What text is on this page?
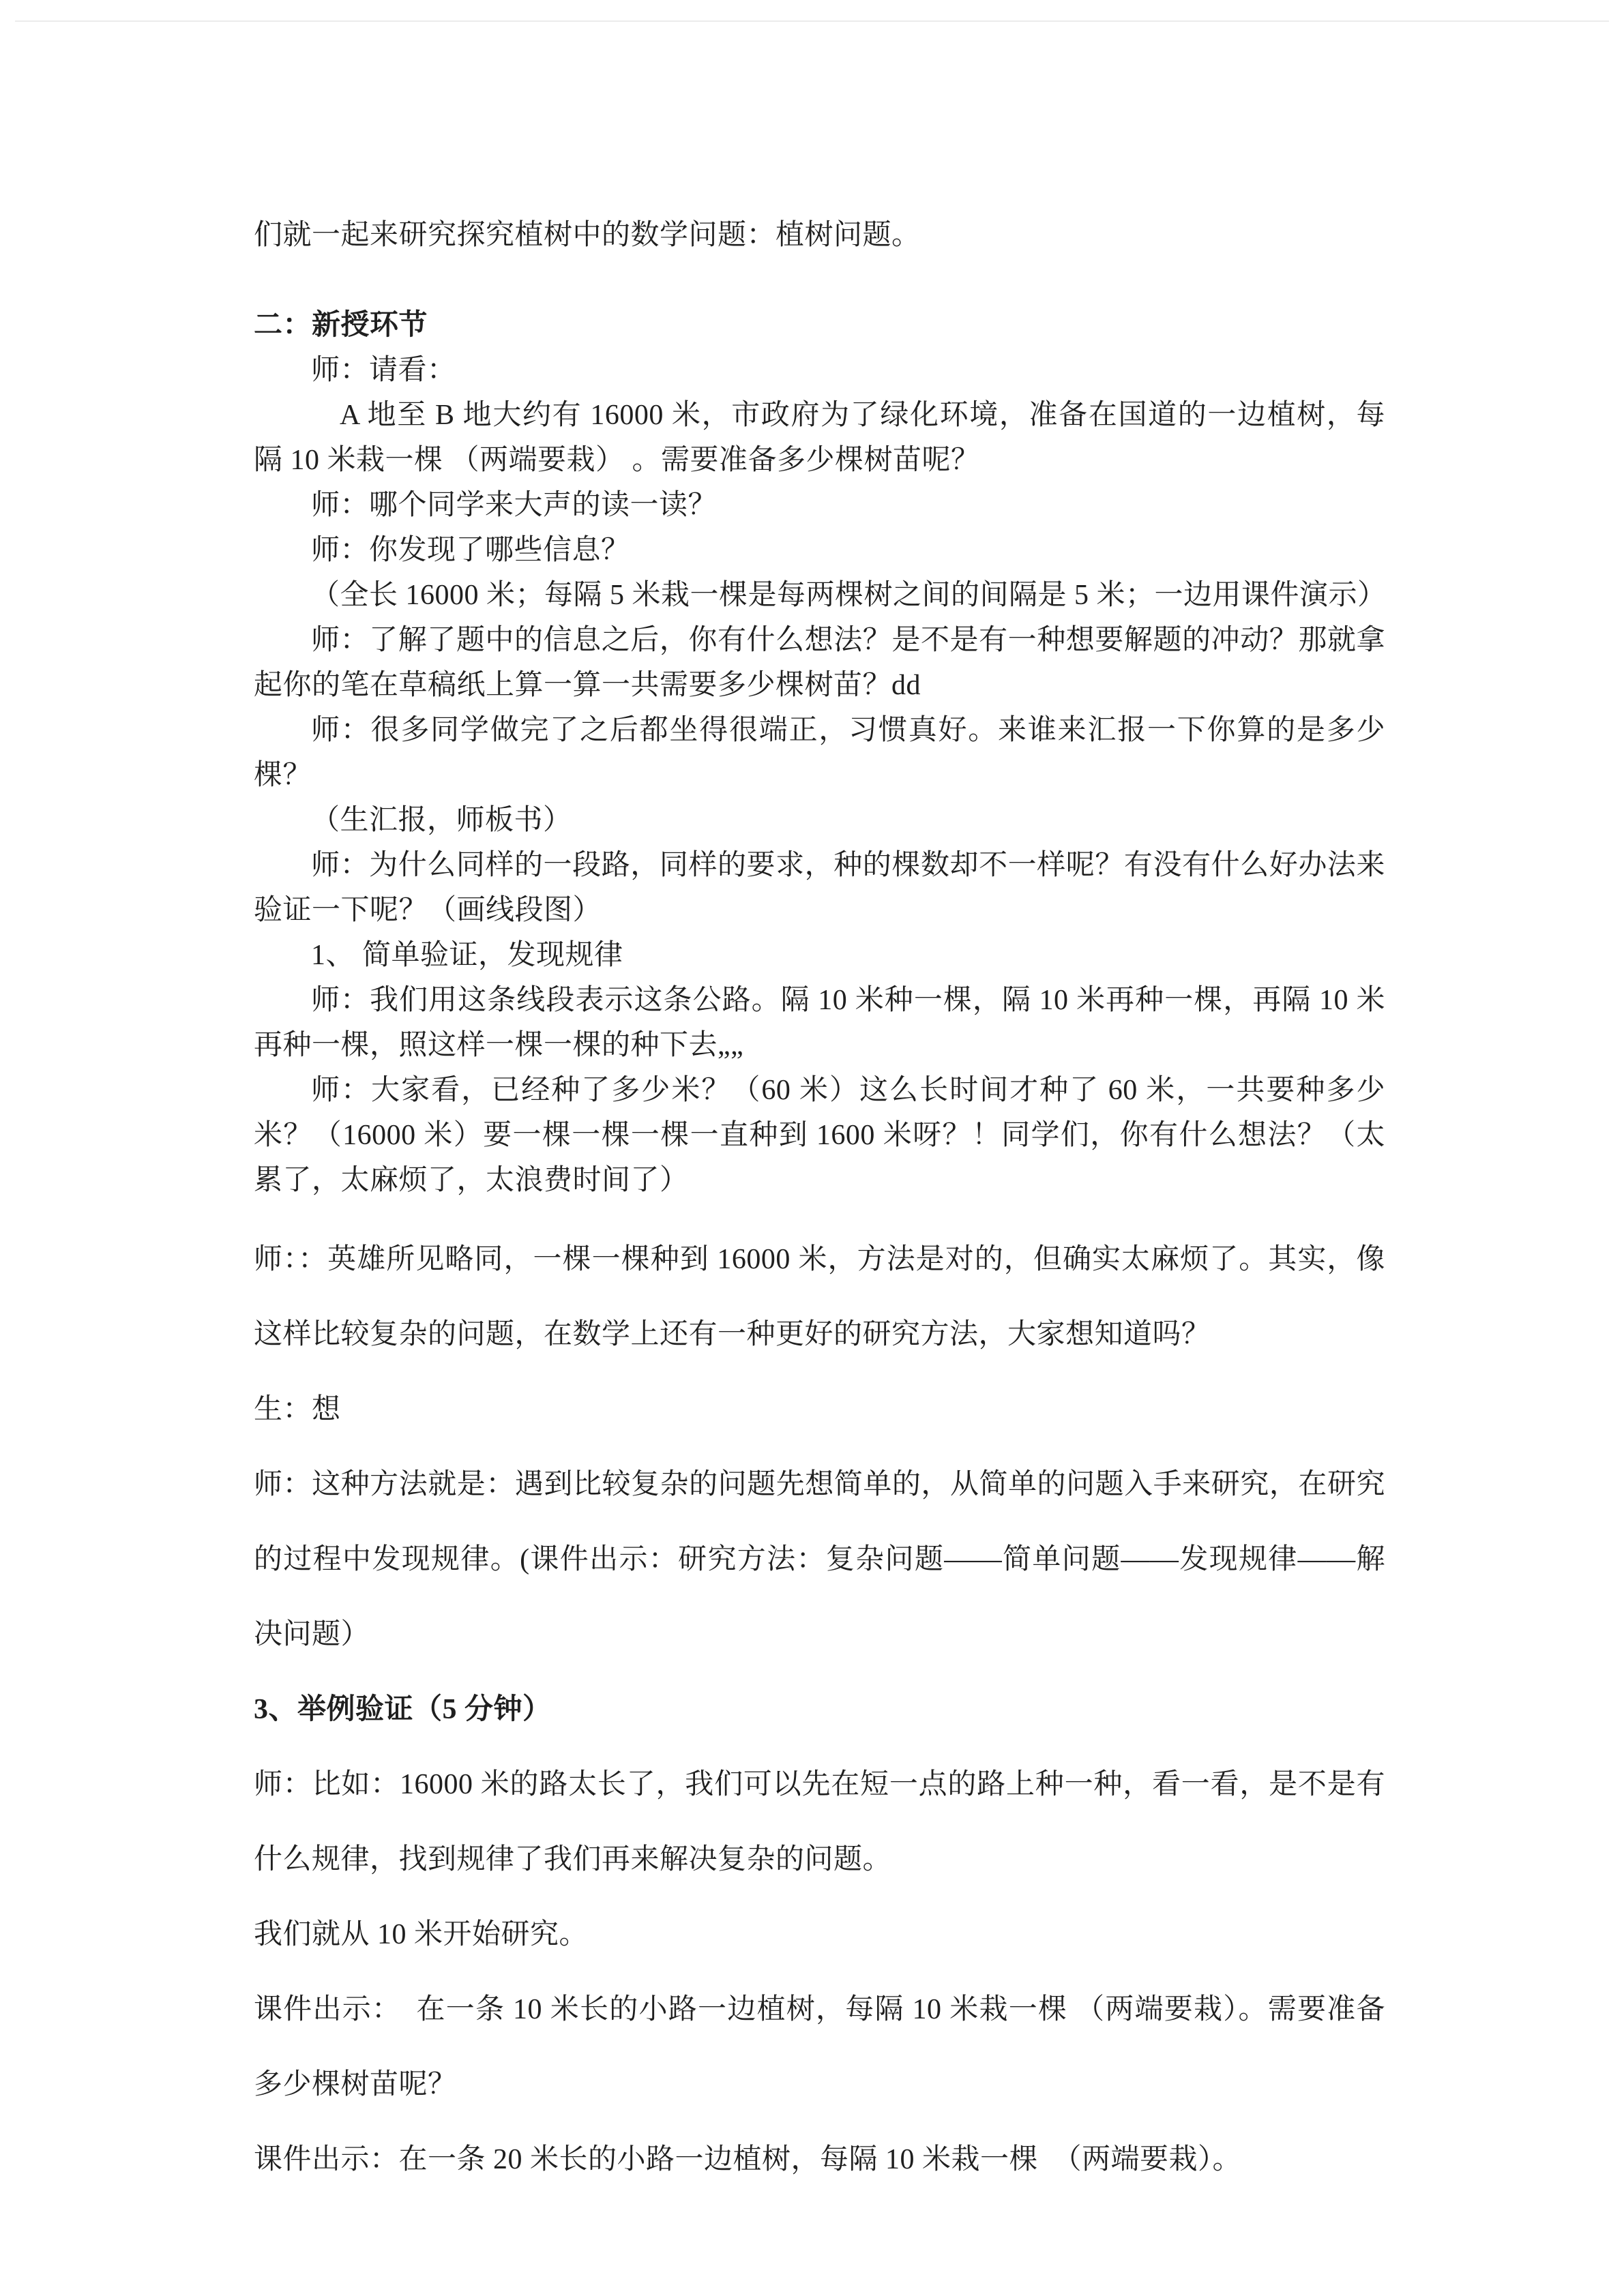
们就一起来研究探究植树中的数学问题：植树问题。

二：新授环节

师：请看：

A 地至 B 地大约有 16000 米，市政府为了绿化环境，准备在国道的一边植树，每隔 10 米栽一棵 （两端要栽） 。需要准备多少棵树苗呢？

师：哪个同学来大声的读一读？

师：你发现了哪些信息？

（全长 16000 米；每隔 5 米栽一棵是每两棵树之间的间隔是 5 米；一边用课件演示）

师：了解了题中的信息之后，你有什么想法？是不是有一种想要解题的冲动？那就拿起你的笔在草稿纸上算一算一共需要多少棵树苗？dd

师：很多同学做完了之后都坐得很端正，习惯真好。来谁来汇报一下你算的是多少棵？

（生汇报，师板书）

师：为什么同样的一段路，同样的要求，种的棵数却不一样呢？有没有什么好办法来验证一下呢？（画线段图）

1、 简单验证，发现规律

师：我们用这条线段表示这条公路。隔 10 米种一棵，隔 10 米再种一棵，再隔 10 米再种一棵，照这样一棵一棵的种下去„„

师：大家看，已经种了多少米？（60 米）这么长时间才种了 60 米，一共要种多少米？（16000 米）要一棵一棵一棵一直种到 1600 米呀？！同学们，你有什么想法？（太累了，太麻烦了，太浪费时间了）

师：：英雄所见略同，一棵一棵种到 16000 米，方法是对的，但确实太麻烦了。其实，像这样比较复杂的问题，在数学上还有一种更好的研究方法，大家想知道吗？

生：想

师：这种方法就是：遇到比较复杂的问题先想简单的，从简单的问题入手来研究，在研究的过程中发现规律。(课件出示：研究方法：复杂问题——简单问题——发现规律——解决问题）

3、举例验证（5 分钟）

师：比如：16000 米的路太长了，我们可以先在短一点的路上种一种，看一看，是不是有什么规律，找到规律了我们再来解决复杂的问题。

我们就从 10 米开始研究。

课件出示：　在一条 10 米长的小路一边植树，每隔 10 米栽一棵 （两端要栽）。需要准备多少棵树苗呢？

课件出示：在一条 20 米长的小路一边植树，每隔 10 米栽一棵　（两端要栽）。
